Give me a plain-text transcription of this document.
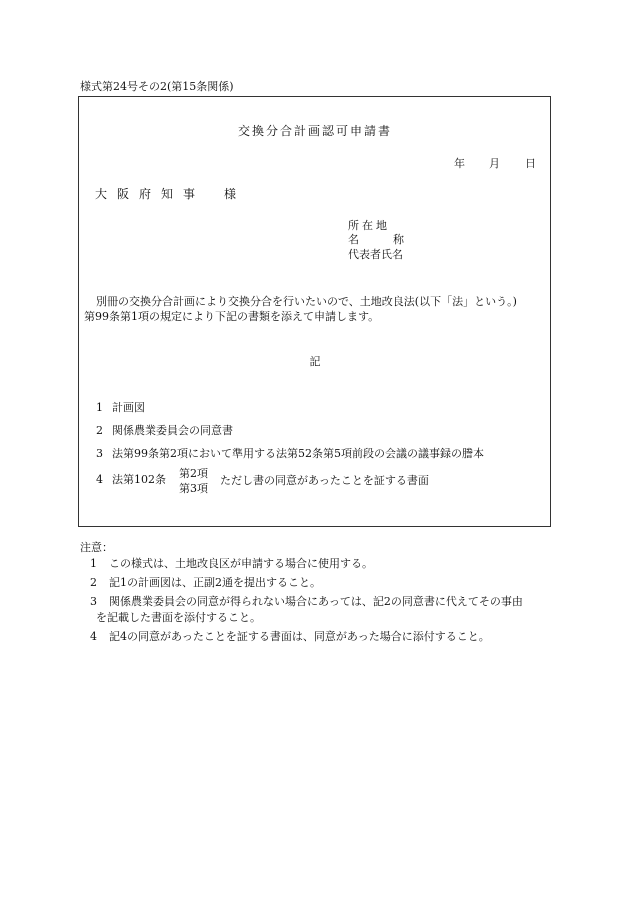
様式第24号その2(第15条関係)
交換分合計画認可申請書
年 月 日
大阪府知事 様
所在地
名	称
代表者氏名
別冊の交換分合計画により交換分合を行いたいので、土地改良法(以下「法」という。)
第99条第1項の規定により下記の書類を添えて申請します。
記
1 計画図
2 関係農業委員会の同意書
3 法第99条第2項において準用する法第52条第5項前段の会議の議事録の謄本
4 法第102条 第2項
第3項
ただし書の同意があったことを証する書面
注意：
1 この様式は、土地改良区が申請する場合に使用する。
2 記1の計画図は、正副2通を提出すること。
3 関係農業委員会の同意が得られない場合にあっては、記2の同意書に代えてその事由
を記載した書面を添付すること。
4 記4の同意があったことを証する書面は、同意があった場合に添付すること。
